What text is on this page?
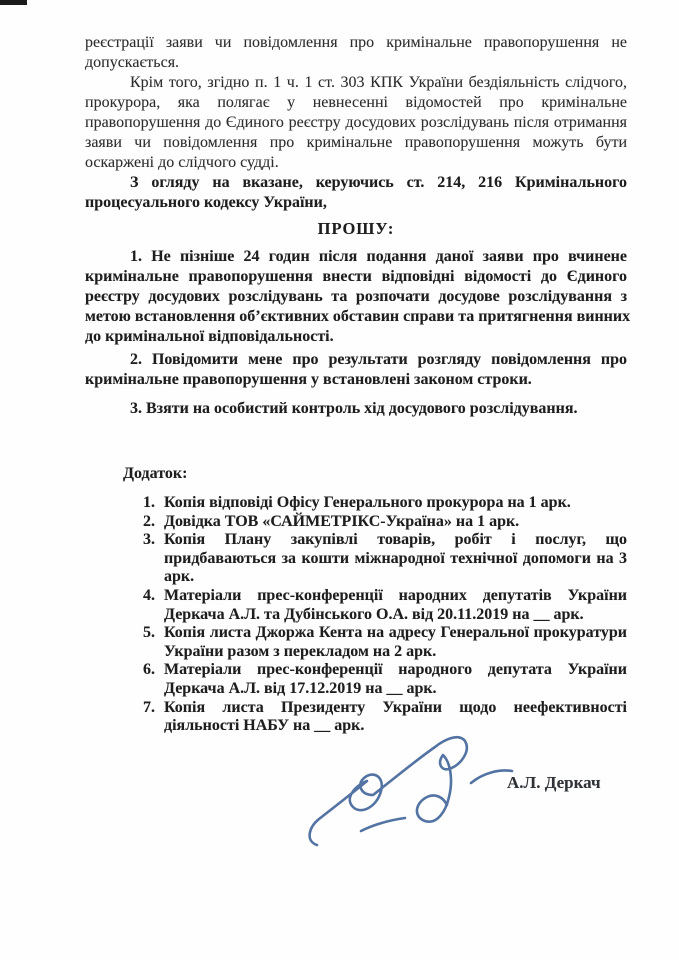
реєстрації заяви чи повідомлення про кримінальне правопорушення не
допускається.
Крім того, згідно п. 1 ч. 1 ст. 303 КПК України бездіяльність слідчого,
прокурора, яка полягає у невнесенні відомостей про кримінальне
правопорушення до Єдиного реєстру досудових розслідувань після отримання
заяви чи повідомлення про кримінальне правопорушення можуть бути
оскаржені до слідчого судді.
З огляду на вказане, керуючись ст. 214, 216 Кримінального
процесуального кодексу України,
ПРОШУ:
1. Не пізніше 24 годин після подання даної заяви про вчинене
кримінальне правопорушення внести відповідні відомості до Єдиного
реєстру досудових розслідувань та розпочати досудове розслідування з
метою встановлення об’єктивних обставин справи та притягнення винних
до кримінальної відповідальності.
2. Повідомити мене про результати розгляду повідомлення про
кримінальне правопорушення у встановлені законом строки.
3. Взяти на особистий контроль хід досудового розслідування.
Додаток:
1. Копія відповіді Офісу Генерального прокурора на 1 арк.
2. Довідка ТОВ «САЙМЕТРІКС-Україна» на 1 арк.
3. Копія Плану закупівлі товарів, робіт і послуг, що
придбаваються за кошти міжнародної технічної допомоги на 3
арк.
4. Матеріали прес-конференції народних депутатів України
Деркача А.Л. та Дубінського О.А. від 20.11.2019 на __ арк.
5. Копія листа Джоржа Кента на адресу Генеральної прокуратури
України разом з перекладом на 2 арк.
6. Матеріали прес-конференції народного депутата України
Деркача А.Л. від 17.12.2019 на __ арк.
7. Копія листа Президенту України щодо неефективності
діяльності НАБУ на __ арк.
А.Л. Деркач
